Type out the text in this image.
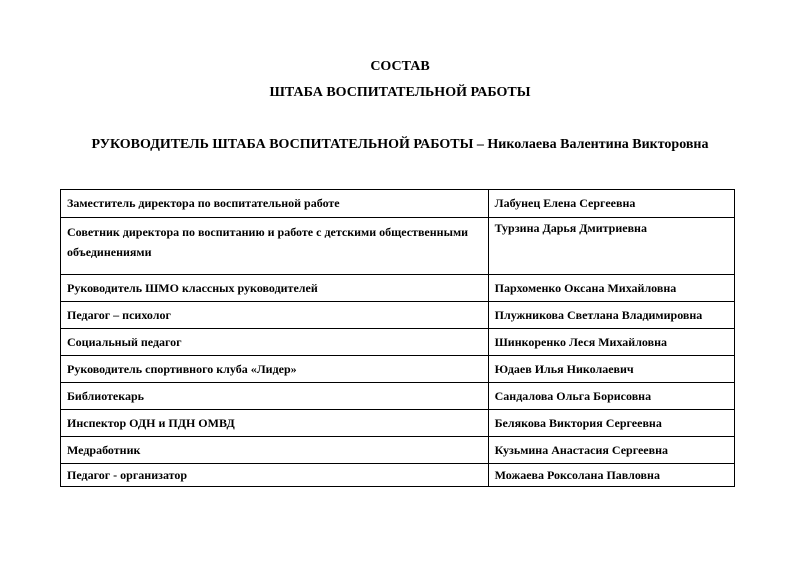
СОСТАВ
ШТАБА ВОСПИТАТЕЛЬНОЙ РАБОТЫ
РУКОВОДИТЕЛЬ ШТАБА ВОСПИТАТЕЛЬНОЙ РАБОТЫ – Николаева Валентина Викторовна
Заместитель директора по воспитательной работе	Лабунец Елена Сергеевна
Советник директора по воспитанию и работе с детскими общественными объединениями	Турзина Дарья Дмитриевна
Руководитель ШМО классных руководителей	Пархоменко Оксана Михайловна
Педагог – психолог	Плужникова Светлана Владимировна
Социальный педагог	Шинкоренко Леся Михайловна
Руководитель спортивного клуба «Лидер»	Юдаев Илья Николаевич
Библиотекарь	Сандалова Ольга Борисовна
Инспектор ОДН и ПДН ОМВД	Белякова Виктория Сергеевна
Медработник	Кузьмина Анастасия Сергеевна
Педагог - организатор	Можаева Роксолана Павловна
